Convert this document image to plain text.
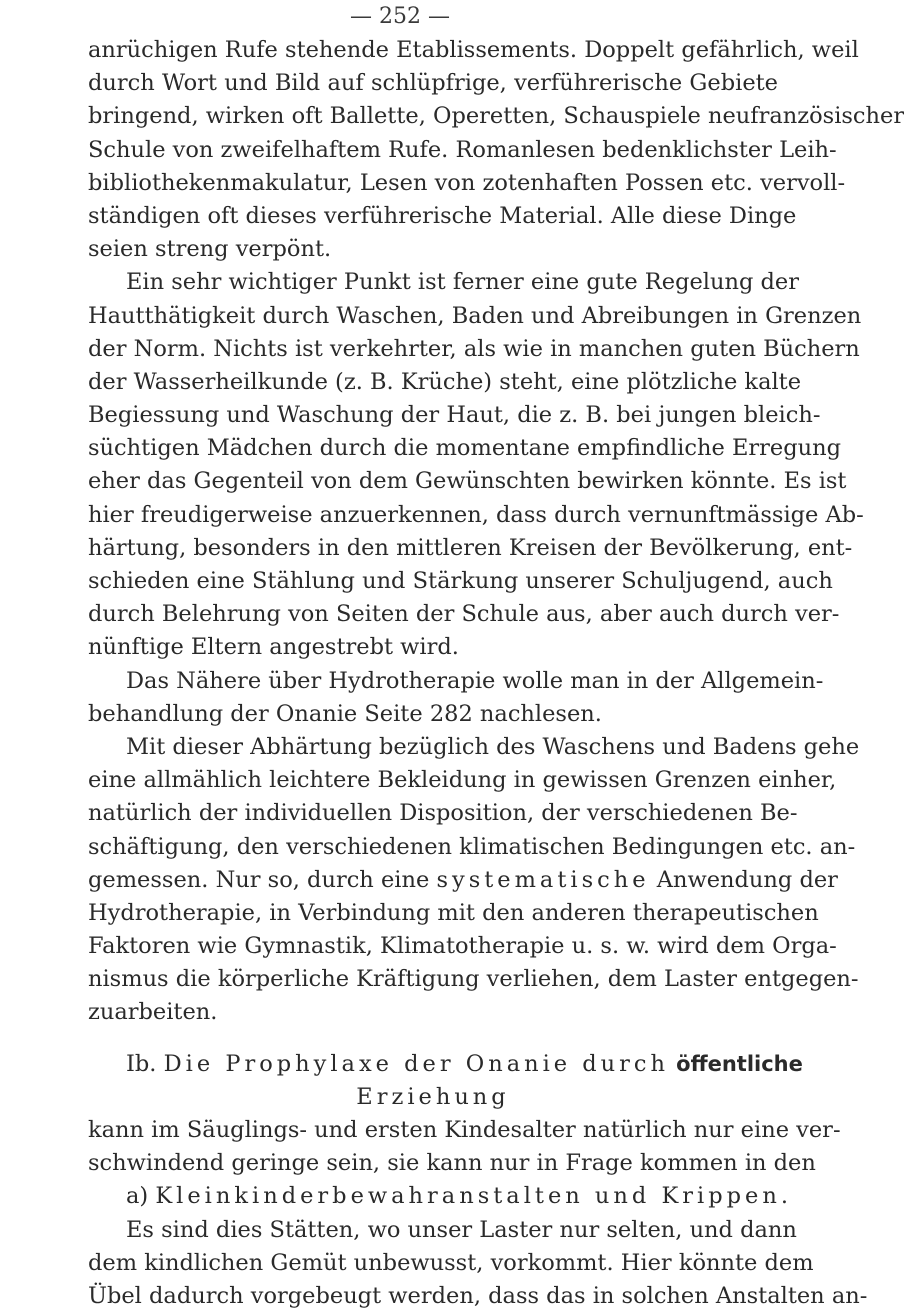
— 252 —
anrüchigen Rufe stehende Etablissements. Doppelt gefährlich, weil
durch Wort und Bild auf schlüpfrige, verführerische Gebiete
bringend, wirken oft Ballette, Operetten, Schauspiele neufranzösischer
Schule von zweifelhaftem Rufe. Romanlesen bedenklichster Leih-
bibliothekenmakulatur, Lesen von zotenhaften Possen etc. vervoll-
ständigen oft dieses verführerische Material. Alle diese Dinge
seien streng verpönt.
Ein sehr wichtiger Punkt ist ferner eine gute Regelung der
Hautthätigkeit durch Waschen, Baden und Abreibungen in Grenzen
der Norm. Nichts ist verkehrter, als wie in manchen guten Büchern
der Wasserheilkunde (z. B. Krüche) steht, eine plötzliche kalte
Begiessung und Waschung der Haut, die z. B. bei jungen bleich-
süchtigen Mädchen durch die momentane empfindliche Erregung
eher das Gegenteil von dem Gewünschten bewirken könnte. Es ist
hier freudigerweise anzuerkennen, dass durch vernunftmässige Ab-
härtung, besonders in den mittleren Kreisen der Bevölkerung, ent-
schieden eine Stählung und Stärkung unserer Schuljugend, auch
durch Belehrung von Seiten der Schule aus, aber auch durch ver-
nünftige Eltern angestrebt wird.
Das Nähere über Hydrotherapie wolle man in der Allgemein-
behandlung der Onanie Seite 282 nachlesen.
Mit dieser Abhärtung bezüglich des Waschens und Badens gehe
eine allmählich leichtere Bekleidung in gewissen Grenzen einher,
natürlich der individuellen Disposition, der verschiedenen Be-
schäftigung, den verschiedenen klimatischen Bedingungen etc. an-
gemessen. Nur so, durch eine systematische Anwendung der
Hydrotherapie, in Verbindung mit den anderen therapeutischen
Faktoren wie Gymnastik, Klimatotherapie u. s. w. wird dem Orga-
nismus die körperliche Kräftigung verliehen, dem Laster entgegen-
zuarbeiten.
Ib. Die Prophylaxe der Onanie durch öffentliche
Erziehung
kann im Säuglings- und ersten Kindesalter natürlich nur eine ver-
schwindend geringe sein, sie kann nur in Frage kommen in den
a) Kleinkinderbewahranstalten und Krippen.
Es sind dies Stätten, wo unser Laster nur selten, und dann
dem kindlichen Gemüt unbewusst, vorkommt. Hier könnte dem
Übel dadurch vorgebeugt werden, dass das in solchen Anstalten an-
